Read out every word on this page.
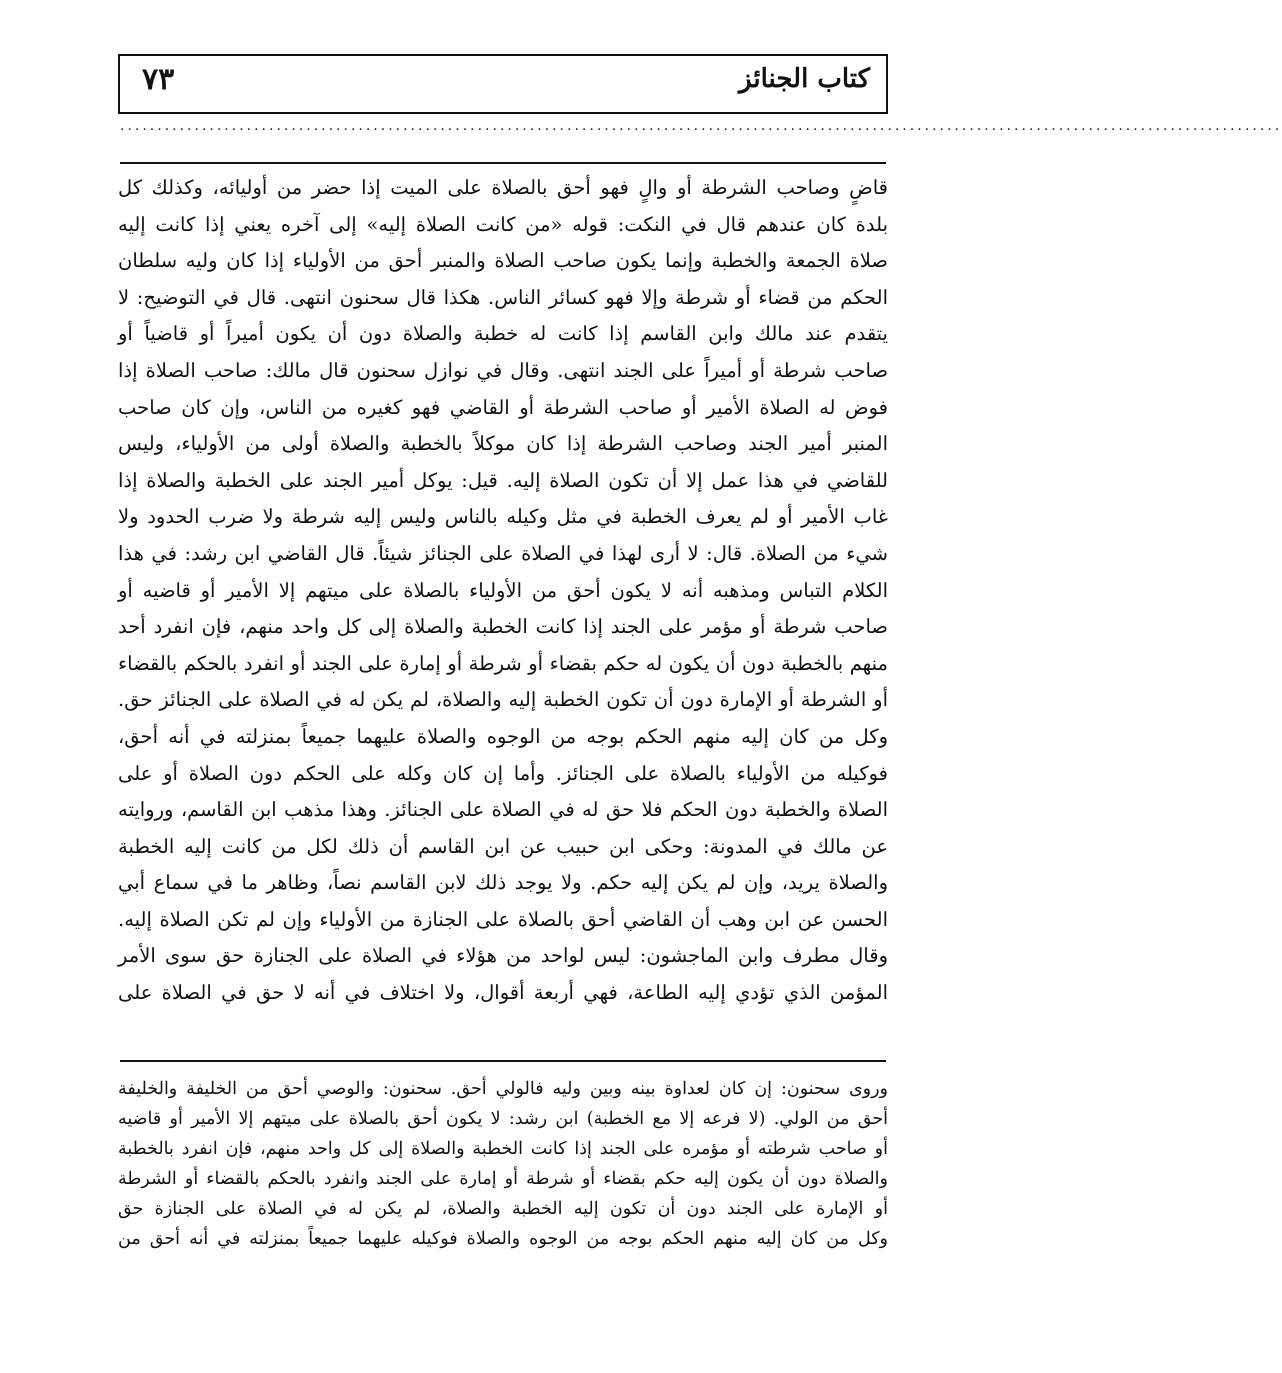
كتاب الجنائز
٧٣
............................................................................................................................................................
قاضٍ وصاحب الشرطة أو والٍ فهو أحق بالصلاة على الميت إذا حضر من أوليائه، وكذلك كل
بلدة كان عندهم قال في النكت: قوله «من كانت الصلاة إليه» إلى آخره يعني إذا كانت إليه
صلاة الجمعة والخطبة وإنما يكون صاحب الصلاة والمنبر أحق من الأولياء إذا كان وليه سلطان
الحكم من قضاء أو شرطة وإلا فهو كسائر الناس. هكذا قال سحنون انتهى. قال في التوضيح: لا
يتقدم عند مالك وابن القاسم إذا كانت له خطبة والصلاة دون أن يكون أميراً أو قاضياً أو
صاحب شرطة أو أميراً على الجند انتهى. وقال في نوازل سحنون قال مالك: صاحب الصلاة إذا
فوض له الصلاة الأمير أو صاحب الشرطة أو القاضي فهو كغيره من الناس، وإن كان صاحب
المنبر أمير الجند وصاحب الشرطة إذا كان موكلاً بالخطبة والصلاة أولى من الأولياء، وليس
للقاضي في هذا عمل إلا أن تكون الصلاة إليه. قيل: يوكل أمير الجند على الخطبة والصلاة إذا
غاب الأمير أو لم يعرف الخطبة في مثل وكيله بالناس وليس إليه شرطة ولا ضرب الحدود ولا
شيء من الصلاة. قال: لا أرى لهذا في الصلاة على الجنائز شيئاً. قال القاضي ابن رشد: في هذا
الكلام التباس ومذهبه أنه لا يكون أحق من الأولياء بالصلاة على ميتهم إلا الأمير أو قاضيه أو
صاحب شرطة أو مؤمر على الجند إذا كانت الخطبة والصلاة إلى كل واحد منهم، فإن انفرد أحد
منهم بالخطبة دون أن يكون له حكم بقضاء أو شرطة أو إمارة على الجند أو انفرد بالحكم بالقضاء
أو الشرطة أو الإمارة دون أن تكون الخطبة إليه والصلاة، لم يكن له في الصلاة على الجنائز حق.
وكل من كان إليه منهم الحكم بوجه من الوجوه والصلاة عليهما جميعاً بمنزلته في أنه أحق،
فوكيله من الأولياء بالصلاة على الجنائز. وأما إن كان وكله على الحكم دون الصلاة أو على
الصلاة والخطبة دون الحكم فلا حق له في الصلاة على الجنائز. وهذا مذهب ابن القاسم، وروايته
عن مالك في المدونة: وحكى ابن حبيب عن ابن القاسم أن ذلك لكل من كانت إليه الخطبة
والصلاة يريد، وإن لم يكن إليه حكم. ولا يوجد ذلك لابن القاسم نصاً، وظاهر ما في سماع أبي
الحسن عن ابن وهب أن القاضي أحق بالصلاة على الجنازة من الأولياء وإن لم تكن الصلاة إليه.
وقال مطرف وابن الماجشون: ليس لواحد من هؤلاء في الصلاة على الجنازة حق سوى الأمر
المؤمن الذي تؤدي إليه الطاعة، فهي أربعة أقوال، ولا اختلاف في أنه لا حق في الصلاة على
وروى سحنون: إن كان لعداوة بينه وبين وليه فالولي أحق. سحنون: والوصي أحق من الخليفة والخليفة
أحق من الولي. (لا فرعه إلا مع الخطبة) ابن رشد: لا يكون أحق بالصلاة على ميتهم إلا الأمير أو قاضيه
أو صاحب شرطته أو مؤمره على الجند إذا كانت الخطبة والصلاة إلى كل واحد منهم، فإن انفرد بالخطبة
والصلاة دون أن يكون إليه حكم بقضاء أو شرطة أو إمارة على الجند وانفرد بالحكم بالقضاء أو الشرطة
أو الإمارة على الجند دون أن تكون إليه الخطبة والصلاة، لم يكن له في الصلاة على الجنازة حق
وكل من كان إليه منهم الحكم بوجه من الوجوه والصلاة فوكيله عليهما جميعاً بمنزلته في أنه أحق من
